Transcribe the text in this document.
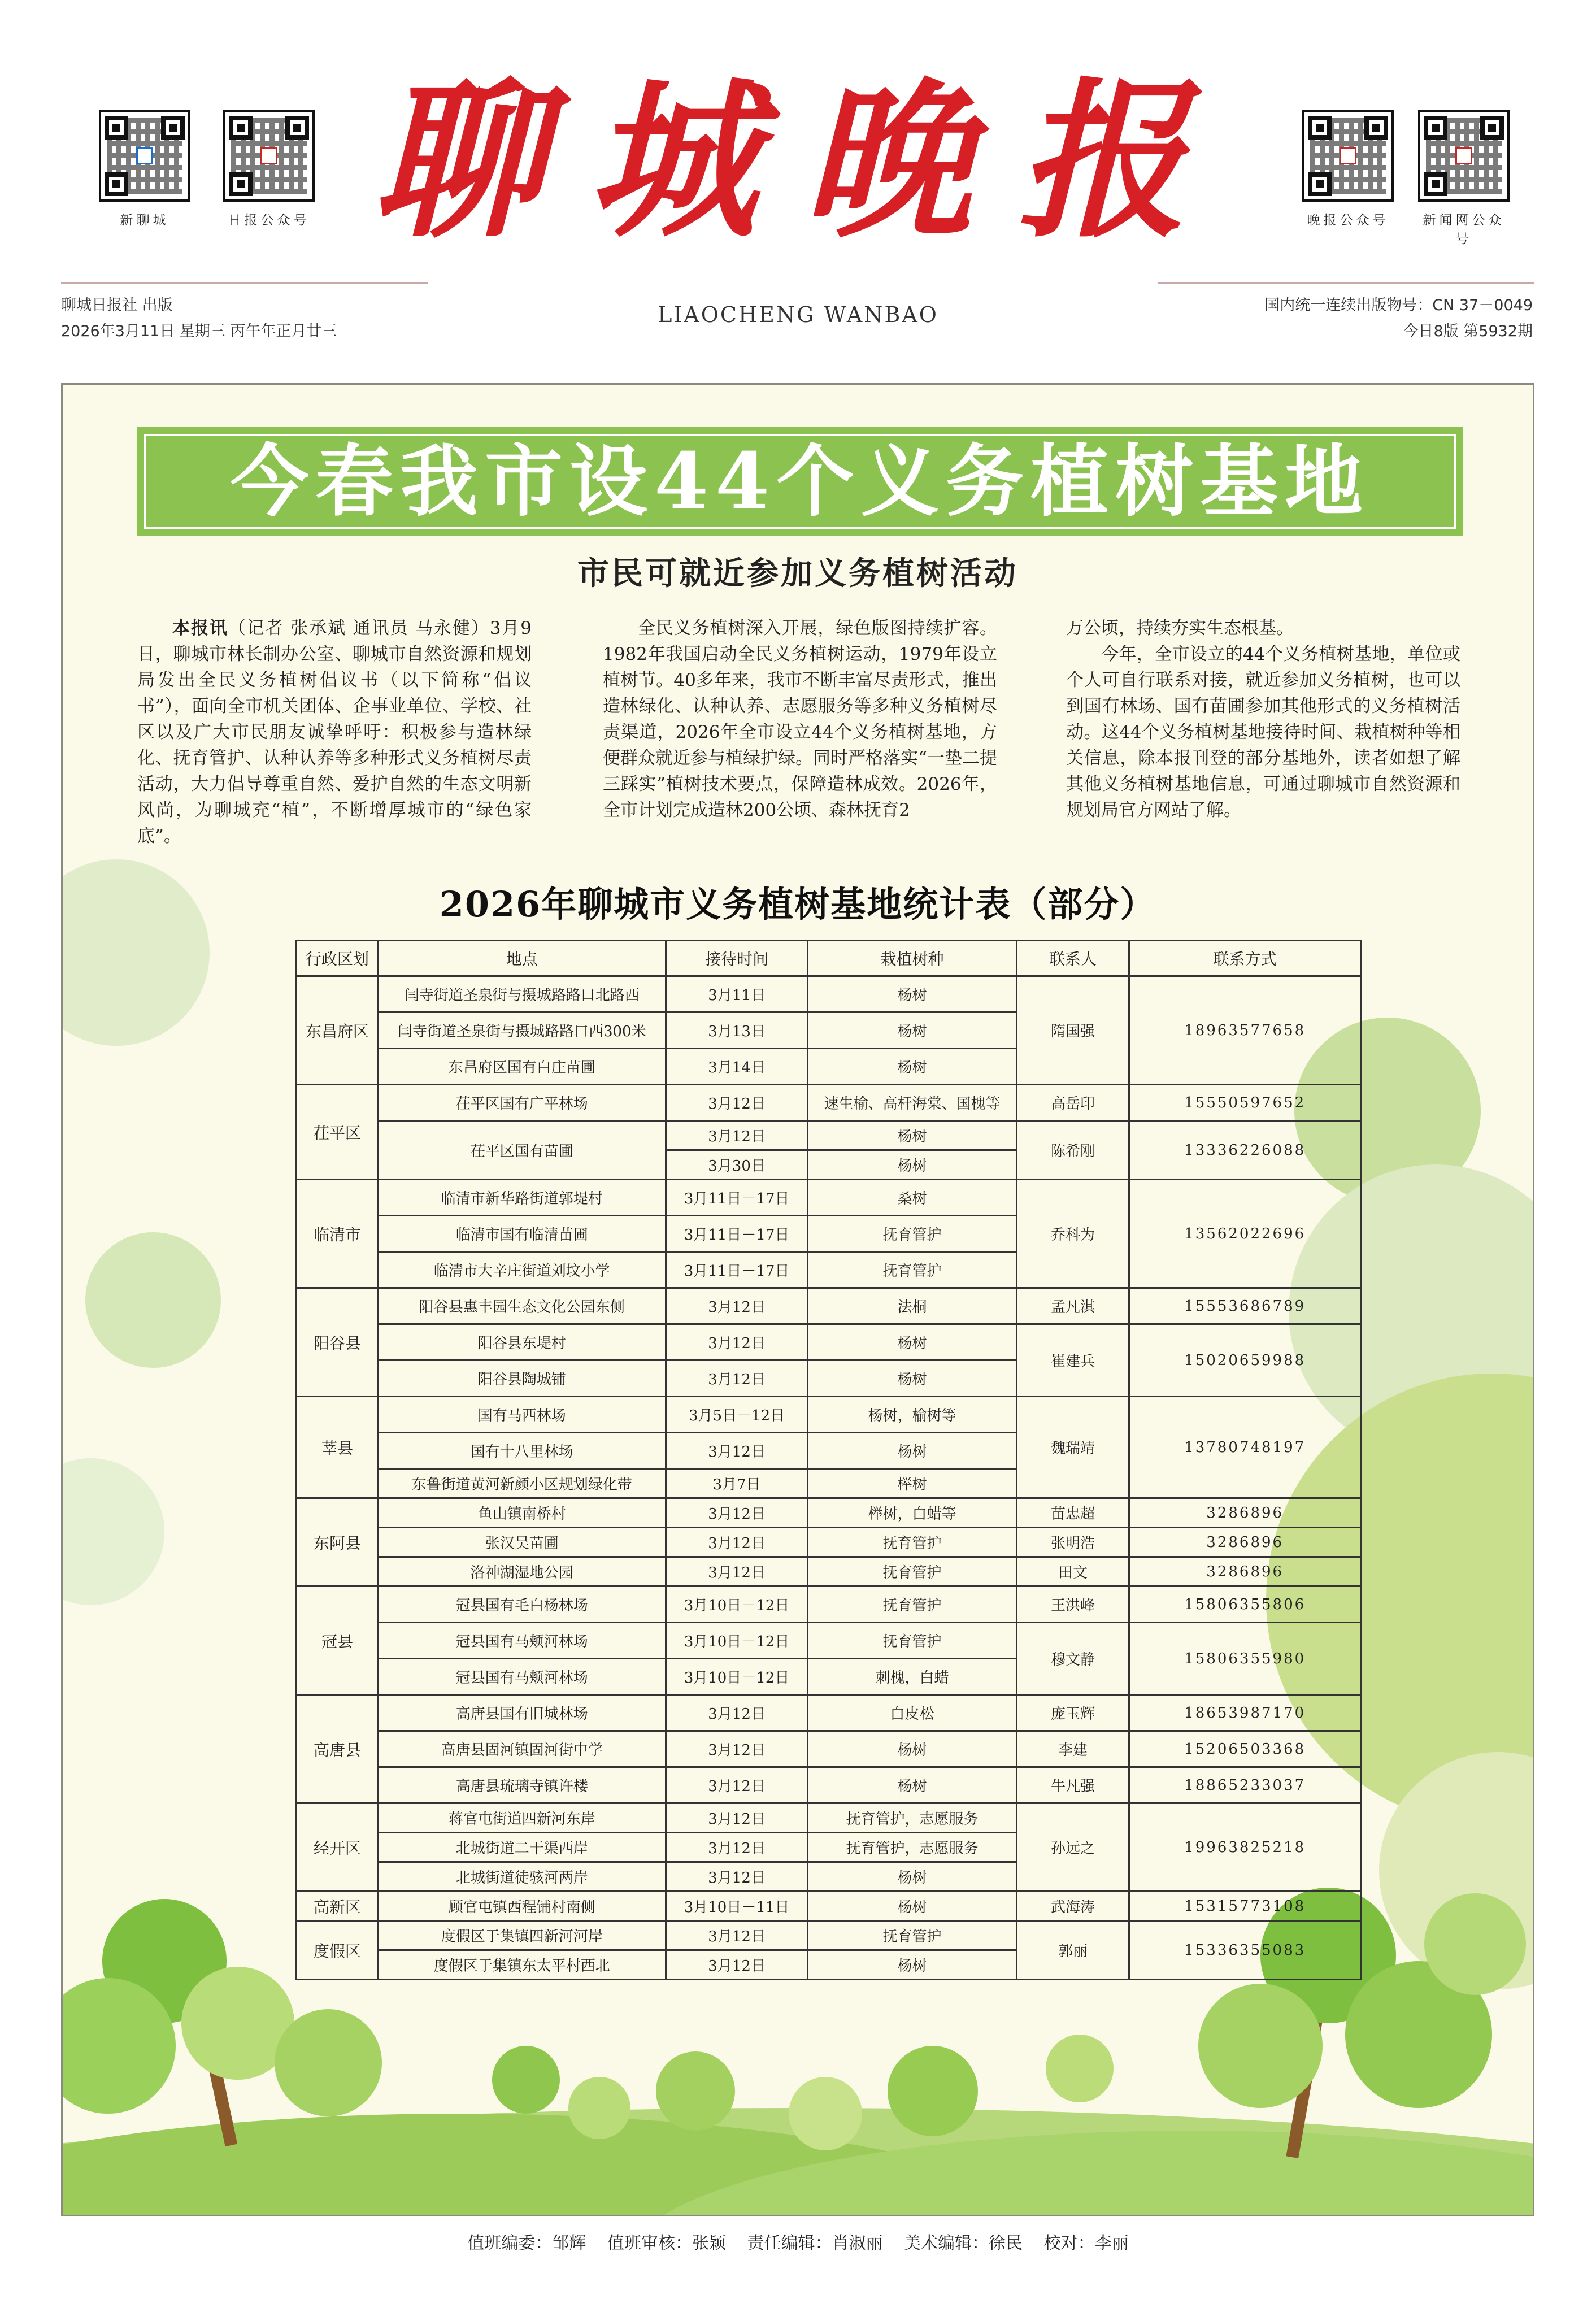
新聊城	日报公众号	晚报公众号	新闻网公众号
聊城晚报
聊城日报社 出版
2026年3月11日 星期三 丙午年正月廿三
LIAOCHENG WANBAO	国内统一连续出版物号：CN 37－0049
今日8版 第5932期
今春我市设44个义务植树基地
市民可就近参加义务植树活动

本报讯（记者 张承斌 通讯员 马永健）3月9日，聊城市林长制办公室、聊城市自然资源和规划局发出全民义务植树倡议书（以下简称“倡议书”），面向全市机关团体、企事业单位、学校、社区以及广大市民朋友诚挚呼吁：积极参与造林绿化、抚育管护、认种认养等多种形式义务植树尽责活动，大力倡导尊重自然、爱护自然的生态文明新风尚，为聊城充“植”，不断增厚城市的“绿色家底”。

全民义务植树深入开展，绿色版图持续扩容。1982年我国启动全民义务植树运动，1979年设立植树节。40多年来，我市不断丰富尽责形式，推出造林绿化、认种认养、志愿服务等多种义务植树尽责渠道，2026年全市设立44个义务植树基地，方便群众就近参与植绿护绿。同时严格落实“一垫二提三踩实”植树技术要点，保障造林成效。2026年，全市计划完成造林200公顷、森林抚育2

万公顷，持续夯实生态根基。

今年，全市设立的44个义务植树基地，单位或个人可自行联系对接，就近参加义务植树，也可以到国有林场、国有苗圃参加其他形式的义务植树活动。这44个义务植树基地接待时间、栽植树种等相关信息，除本报刊登的部分基地外，读者如想了解其他义务植树基地信息，可通过聊城市自然资源和规划局官方网站了解。

2026年聊城市义务植树基地统计表（部分）
行政区划	地点	接待时间	栽植树种	联系人	联系方式
东昌府区	闫寺街道圣泉街与摄城路路口北路西	3月11日	杨树	隋国强	18963577658
	闫寺街道圣泉街与摄城路路口西300米	3月13日	杨树		
	东昌府区国有白庄苗圃	3月14日	杨树		
茌平区	茌平区国有广平林场	3月12日	速生榆、高杆海棠、国槐等	高岳印	15550597652
	茌平区国有苗圃	3月12日	杨树	陈希刚	13336226088
		3月30日	杨树		
临清市	临清市新华路街道郭堤村	3月11日－17日	桑树	乔科为	13562022696
	临清市国有临清苗圃	3月11日－17日	抚育管护		
	临清市大辛庄街道刘坟小学	3月11日－17日	抚育管护		
阳谷县	阳谷县惠丰园生态文化公园东侧	3月12日	法桐	孟凡淇	15553686789
	阳谷县东堤村	3月12日	杨树	崔建兵	15020659988
	阳谷县陶城铺	3月12日	杨树		
莘县	国有马西林场	3月5日－12日	杨树，榆树等	魏瑞靖	13780748197
	国有十八里林场	3月12日	杨树		
	东鲁街道黄河新颜小区规划绿化带	3月7日	榉树		
东阿县	鱼山镇南桥村	3月12日	榉树，白蜡等	苗忠超	3286896
	张汉吴苗圃	3月12日	抚育管护	张明浩	3286896
	洛神湖湿地公园	3月12日	抚育管护	田文	3286896
冠县	冠县国有毛白杨林场	3月10日－12日	抚育管护	王洪峰	15806355806
	冠县国有马颊河林场	3月10日－12日	抚育管护	穆文静	15806355980
	冠县国有马颊河林场	3月10日－12日	刺槐，白蜡		
高唐县	高唐县国有旧城林场	3月12日	白皮松	庞玉辉	18653987170
	高唐县固河镇固河街中学	3月12日	杨树	李建	15206503368
	高唐县琉璃寺镇许楼	3月12日	杨树	牛凡强	18865233037
经开区	蒋官屯街道四新河东岸	3月12日	抚育管护，志愿服务	孙远之	19963825218
	北城街道二干渠西岸	3月12日	抚育管护，志愿服务		
	北城街道徒骇河两岸	3月12日	杨树		
高新区	顾官屯镇西程铺村南侧	3月10日－11日	杨树	武海涛	15315773108
度假区	度假区于集镇四新河河岸	3月12日	抚育管护	郭丽	15336355083
	度假区于集镇东太平村西北	3月12日	杨树		
值班编委：邹辉 值班审核：张颖 责任编辑：肖淑丽 美术编辑：徐民 校对：李丽
